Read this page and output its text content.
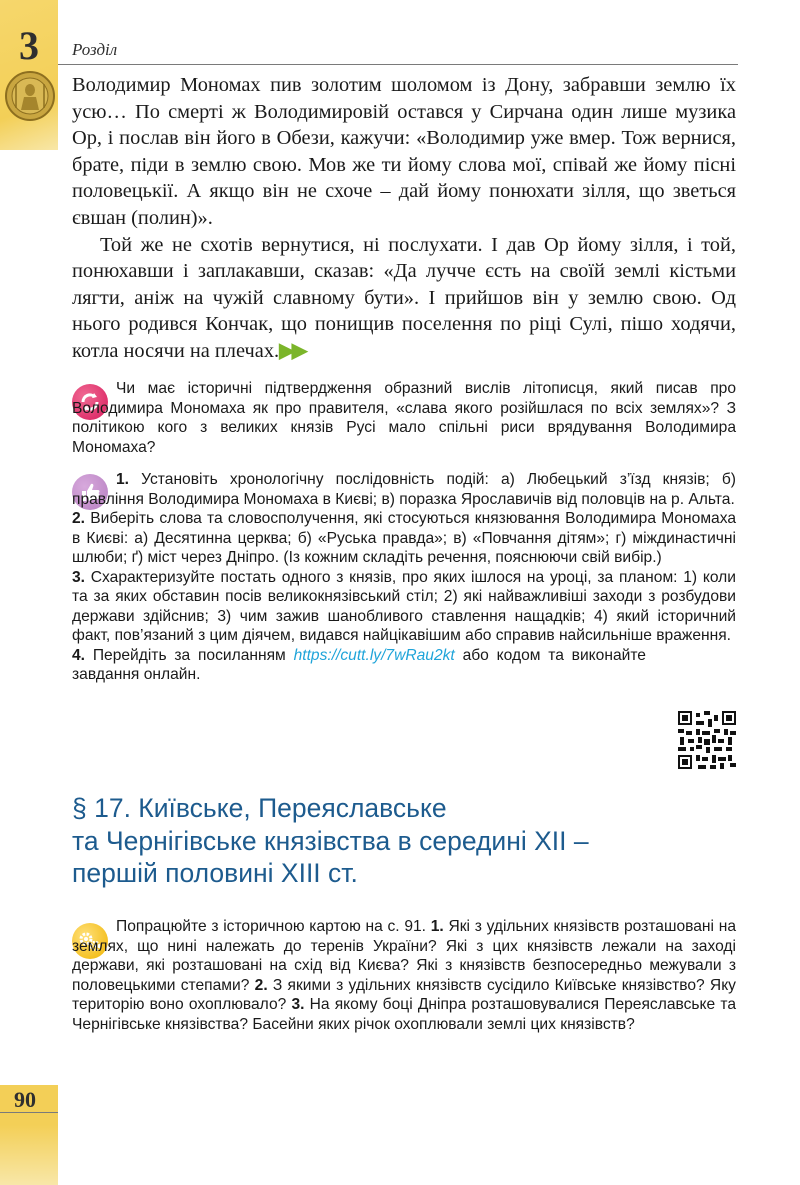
3	Розділ

Володимир Мономах пив золотим шоломом із Дону, забравши землю їх усю… По смерті ж Володимировій остався у Сирчана один лише музика Ор, і послав він його в Обези, кажучи: «Володимир уже вмер. Тож вернися, брате, піди в землю свою. Мов же ти йому слова мої, співай же йому пісні половецькії. А якщо він не схоче – дай йому понюхати зілля, що зветься євшан (полин)».

Той же не схотів вернутися, ні послухати. І дав Ор йому зілля, і той, понюхавши і заплакавши, сказав: «Да лучче єсть на своїй землі кістьми лягти, аніж на чужій славному бути». І прийшов він у землю свою. Од нього родився Кончак, що понищив поселення по ріці Сулі, пішо ходячи, котла носячи на плечах.▶▶

Чи має історичні підтвердження образний вислів літописця, який писав про Володимира Мономаха як про правителя, «слава якого розійшлася по всіх землях»? З політикою кого з великих князів Русі мало спільні риси врядування Володимира Мономаха?

1. Установіть хронологічну послідовність подій: а) Любецький з’їзд князів; б) правління Володимира Мономаха в Києві; в) поразка Ярославичів від половців на р. Альта.

2. Виберіть слова та словосполучення, які стосуються князювання Володимира Мономаха в Києві: а) Десятинна церква; б) «Руська правда»; в) «Повчання дітям»; г) міждинастичні шлюби; ґ) міст через Дніпро. (Із кожним складіть речення, пояснюючи свій вибір.)

3. Схарактеризуйте постать одного з князів, про яких ішлося на уроці, за планом: 1) коли та за яких обставин посів великокнязівський стіл; 2) які найважливіші заходи з розбудови держави здійснив; 3) чим зажив шанобливого ставлення нащадків; 4) який історичний факт, пов’язаний з цим діячем, видався найцікавішим або справив найсильніше враження.

4. Перейдіть за посиланням https://cutt.ly/7wRau2kt або кодом та виконайте завдання онлайн.

§ 17. Київське, Переяславське
та Чернігівське князівства в середині XII –
першій половині XIII ст.

Попрацюйте з історичною картою на с. 91. 1. Які з удільних князівств розташовані на землях, що нині належать до теренів України? Які з цих князівств лежали на заході держави, які розташовані на схід від Києва? Які з князівств безпосередньо межували з половецькими степами? 2. З якими з удільних князівств сусідило Київське князівство? Яку територію воно охоплювало? 3. На якому боці Дніпра розташовувалися Переяславське та Чернігівське князівства? Басейни яких річок охоплювали землі цих князівств?

90
